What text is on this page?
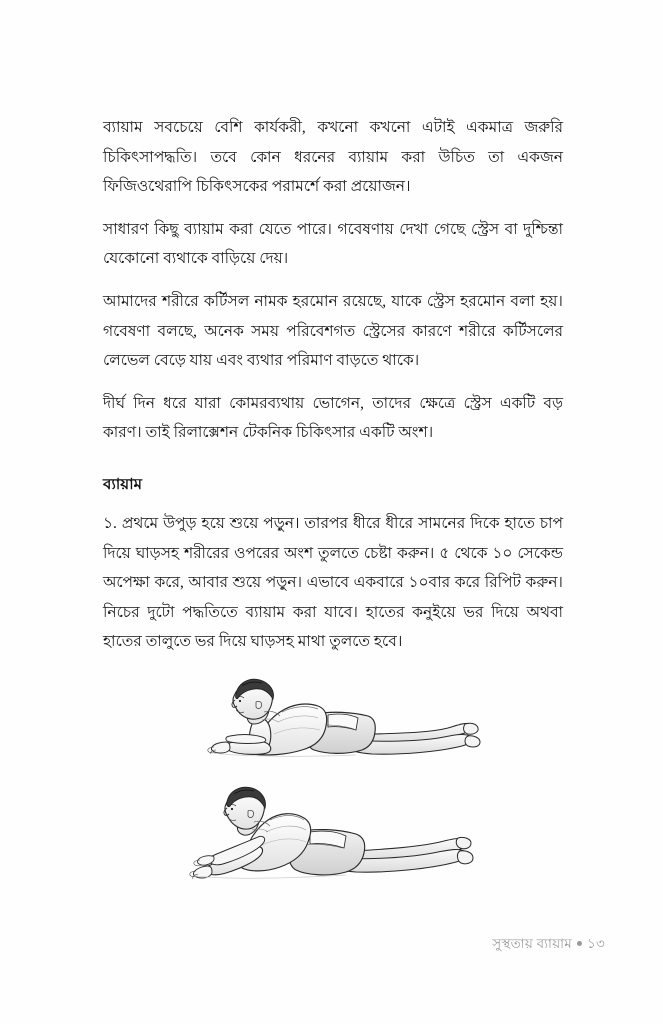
ব্যায়াম সবচেয়ে বেশি কার্যকরী, কখনো কখনো এটাই একমাত্র জরুরি চিকিৎসাপদ্ধতি। তবে কোন ধরনের ব্যায়াম করা উচিত তা একজন ফিজিওথেরাপি চিকিৎসকের পরামর্শে করা প্রয়োজন।

সাধারণ কিছু ব্যায়াম করা যেতে পারে। গবেষণায় দেখা গেছে স্ট্রেস বা দুশ্চিন্তা যেকোনো ব্যথাকে বাড়িয়ে দেয়।

আমাদের শরীরে কর্টিসল নামক হরমোন রয়েছে, যাকে স্ট্রেস হরমোন বলা হয়। গবেষণা বলছে, অনেক সময় পরিবেশগত স্ট্রেসের কারণে শরীরে কর্টিসলের লেভেল বেড়ে যায় এবং ব্যথার পরিমাণ বাড়তে থাকে।

দীর্ঘ দিন ধরে যারা কোমরব্যথায় ভোগেন, তাদের ক্ষেত্রে স্ট্রেস একটি বড় কারণ। তাই রিলাক্সেশন টেকনিক চিকিৎসার একটি অংশ।

ব্যায়াম

১. প্রথমে উপুড় হয়ে শুয়ে পড়ুন। তারপর ধীরে ধীরে সামনের দিকে হাতে চাপ দিয়ে ঘাড়সহ শরীরের ওপরের অংশ তুলতে চেষ্টা করুন। ৫ থেকে ১০ সেকেন্ড অপেক্ষা করে, আবার শুয়ে পড়ুন। এভাবে একবারে ১০বার করে রিপিট করুন। নিচের দুটো পদ্ধতিতে ব্যায়াম করা যাবে। হাতের কনুইয়ে ভর দিয়ে অথবা হাতের তালুতে ভর দিয়ে ঘাড়সহ মাথা তুলতে হবে।

সুস্থতায় ব্যায়াম ১৩
